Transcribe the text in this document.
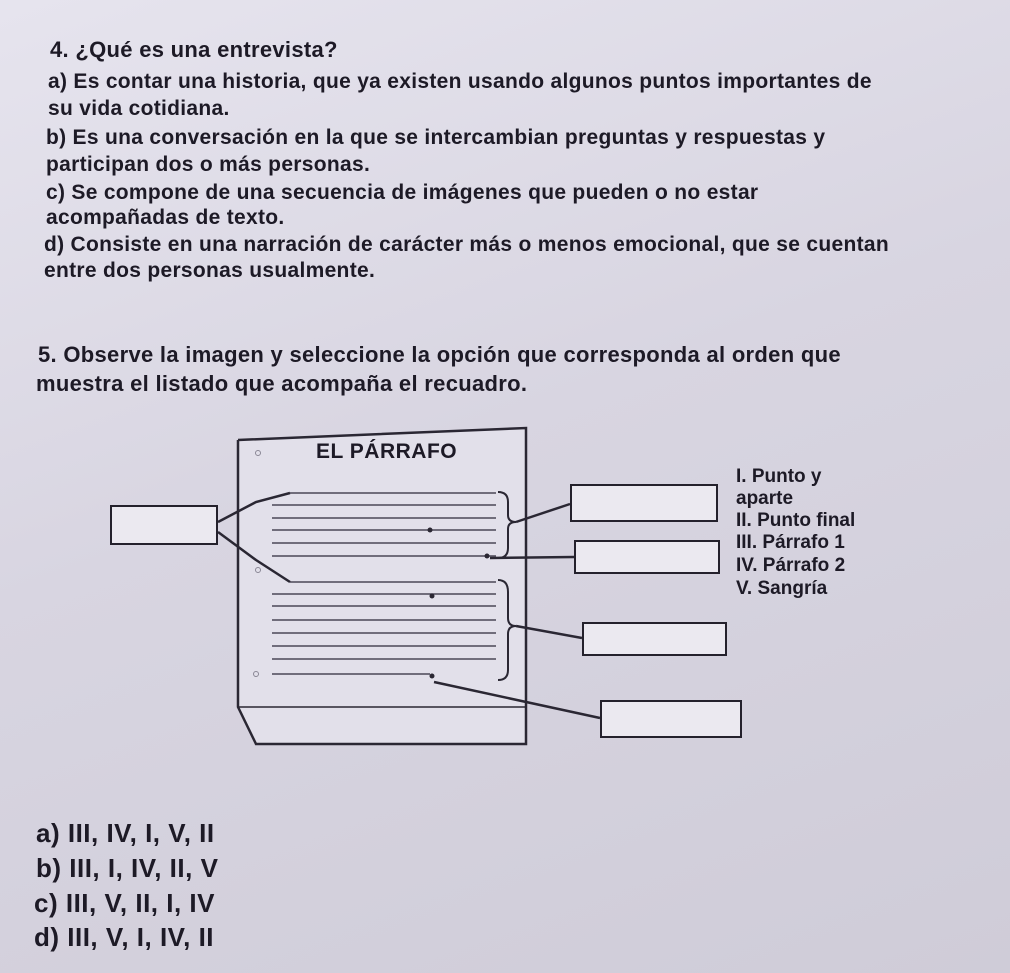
4. ¿Qué es una entrevista?
a) Es contar una historia, que ya existen usando algunos puntos importantes de
su vida cotidiana.
b) Es una conversación en la que se intercambian preguntas y respuestas y
participan dos o más personas.
c) Se compone de una secuencia de imágenes que pueden o no estar
acompañadas de texto.
d) Consiste en una narración de carácter más o menos emocional, que se cuentan
entre dos personas usualmente.
5. Observe la imagen y seleccione la opción que corresponda al orden que
muestra el listado que acompaña el recuadro.
EL PÁRRAFO
I. Punto y
aparte
II. Punto final
III. Párrafo 1
IV. Párrafo 2
V. Sangría
a) III, IV, I, V, II
b) III, I, IV, II, V
c) III, V, II, I, IV
d) III, V, I, IV, II
